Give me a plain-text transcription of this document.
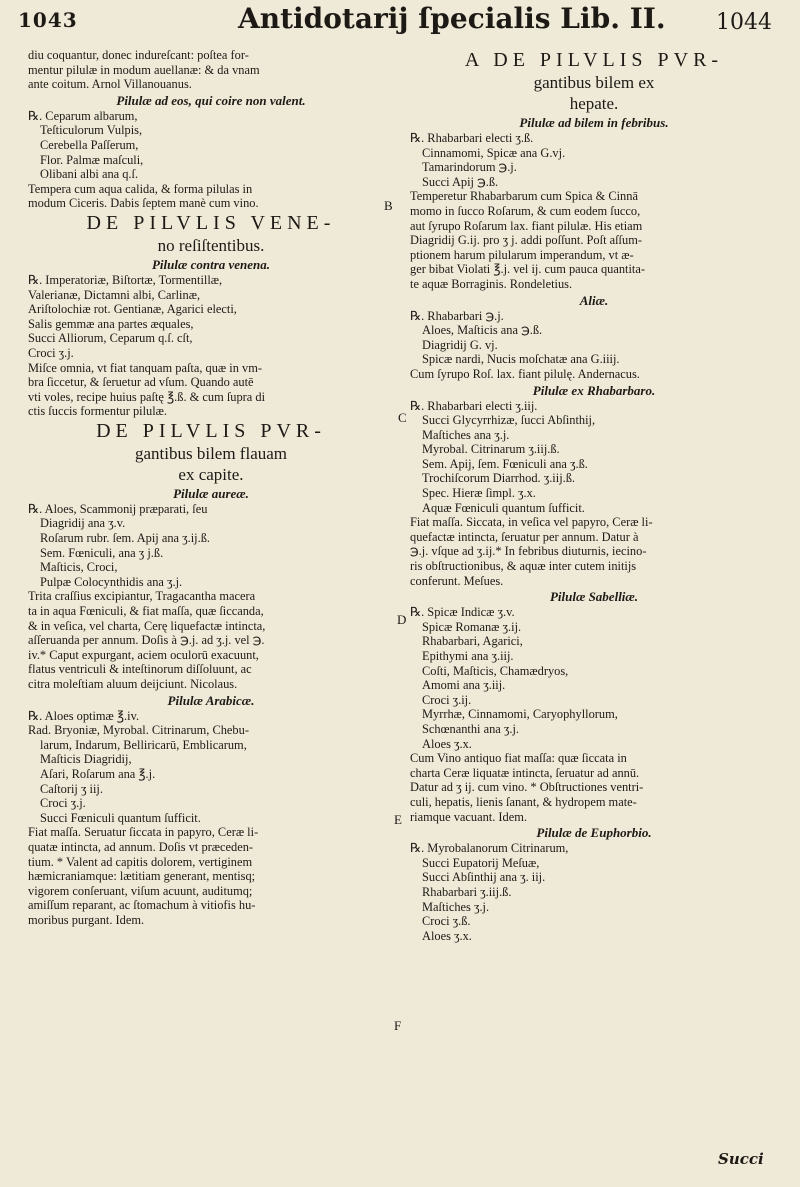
1043	Antidotarij ſpecialis Lib. II. 1044
diu coquantur, donec indureſcant: poſtea for-
mentur pilulæ in modum auellanæ: & da vnam
ante coitum. Arnol Villanouanus.
Pilulæ ad eos, qui coire non valent.
℞. Ceparum albarum,
Teſticulorum Vulpis,
Cerebella Paſſerum,
Flor. Palmæ maſculi,
Olibani albi ana q.ſ.
Tempera cum aqua calida, & forma pilulas in
modum Ciceris. Dabis ſeptem manè cum vino.
DE PILVLIS VENE-
no reſiſtentibus.
Pilulæ contra venena.
℞. Imperatoriæ, Biſtortæ, Tormentillæ,
Valerianæ, Dictamni albi, Carlinæ,
Ariſtolochiæ rot. Gentianæ, Agarici electi,
Salis gemmæ ana partes æquales,
Succi Alliorum, Ceparum q.ſ. cſt,
Croci ʒ.j.
Miſce omnia, vt fiat tanquam paſta, quæ in vm-
bra ſiccetur, & ſeruetur ad vſum. Quando autē
vti voles, recipe huius paſtę ℥.ß. & cum ſupra di
ctis ſuccis formentur pilulæ.
DE PILVLIS PVR-
gantibus bilem flauam
ex capite.
Pilulæ aureæ.
℞. Aloes, Scammonij præparati, ſeu
Diagridij ana ʒ.v.
Roſarum rubr. ſem. Apij ana ʒ.ij.ß.
Sem. Fœniculi, ana ʒ j.ß.
Maſticis, Croci,
Pulpæ Colocynthidis ana ʒ.j.
Trita craſſius excipiantur, Tragacantha macera
ta in aqua Fœniculi, & fiat maſſa, quæ ſiccanda,
& in veſica, vel charta, Cerę liquefactæ intincta,
aſſeruanda per annum. Doſis à ℈.j. ad ʒ.j. vel ℈.
iv.* Caput expurgant, aciem oculorū exacuunt,
flatus ventriculi & inteſtinorum diſſoluunt, ac
citra moleſtiam aluum deijciunt. Nicolaus.
Pilulæ Arabicæ.
℞. Aloes optimæ ℥.iv.
Rad. Bryoniæ, Myrobal. Citrinarum, Chebu-
larum, Indarum, Belliricarū, Emblicarum,
Maſticis Diagridij,
Aſari, Roſarum ana ℥.j.
Caſtorij ʒ iij.
Croci ʒ.j.
Succi Fœniculi quantum ſufficit.
Fiat maſſa. Seruatur ſiccata in papyro, Ceræ li-
quatæ intincta, ad annum. Doſis vt præceden-
tium. * Valent ad capitis dolorem, vertiginem
hæmicraniamque: lætitiam generant, mentisq;
vigorem conſeruant, viſum acuunt, auditumq;
amiſſum reparant, ac ſtomachum à vitiofis hu-
moribus purgant. Idem.
A DE PILVLIS PVR-
gantibus bilem ex
hepate.
Pilulæ ad bilem in febribus.
℞. Rhabarbari electi ʒ.ß.
Cinnamomi, Spicæ ana G.vj.
Tamarindorum ℈.j.
Succi Apij ℈.ß.
Temperetur Rhabarbarum cum Spica & Cinnā
momo in ſucco Roſarum, & cum eodem ſucco,
aut ſyrupo Roſarum lax. fiant pilulæ. His etiam
Diagridij G.ij. pro ʒ j. addi poſſunt. Poſt aſſum-
ptionem harum pilularum imperandum, vt æ-
ger bibat Violati ℥.j. vel ij. cum pauca quantita-
te aquæ Borraginis. Rondeletius.
Aliæ.
℞. Rhabarbari ℈.j.
Aloes, Maſticis ana ℈.ß.
Diagridij G. vj.
Spicæ nardi, Nucis moſchatæ ana G.iiij.
Cum ſyrupo Roſ. lax. fiant pilulę. Andernacus.
Pilulæ ex Rhabarbaro.
℞. Rhabarbari electi ʒ.iij.
Succi Glycyrrhizæ, ſucci Abſinthij,
Maſtiches ana ʒ.j.
Myrobal. Citrinarum ʒ.iij.ß.
Sem. Apij, ſem. Fœniculi ana ʒ.ß.
Trochiſcorum Diarrhod. ʒ.iij.ß.
Spec. Hieræ ſimpl. ʒ.x.
Aquæ Fœniculi quantum ſufficit.
Fiat maſſa. Siccata, in veſica vel papyro, Ceræ li-
quefactæ intincta, ſeruatur per annum. Datur à
℈.j. vſque ad ʒ.ij.* In febribus diuturnis, iecino-
ris obſtructionibus, & aquæ inter cutem initijs
conferunt. Meſues.
Pilulæ Sabelliæ.
℞. Spicæ Indicæ ʒ.v.
Spicæ Romanæ ʒ.ij.
Rhabarbari, Agarici,
Epithymi ana ʒ.iij.
Coſti, Maſticis, Chamædryos,
Amomi ana ʒ.iij.
Croci ʒ.ij.
Myrrhæ, Cinnamomi, Caryophyllorum,
Schœnanthi ana ʒ.j.
Aloes ʒ.x.
Cum Vino antiquo fiat maſſa: quæ ſiccata in
charta Ceræ liquatæ intincta, ſeruatur ad annū.
Datur ad ʒ ij. cum vino. * Obſtructiones ventri-
culi, hepatis, lienis ſanant, & hydropem mate-
riamque vacuant. Idem.
Pilulæ de Euphorbio.
℞. Myrobalanorum Citrinarum,
Succi Eupatorij Meſuæ,
Succi Abſinthij ana ʒ. iij.
Rhabarbari ʒ.iij.ß.
Maſtiches ʒ.j.
Croci ʒ.ß.
Aloes ʒ.x.
B
C
D
E
F
Succi
